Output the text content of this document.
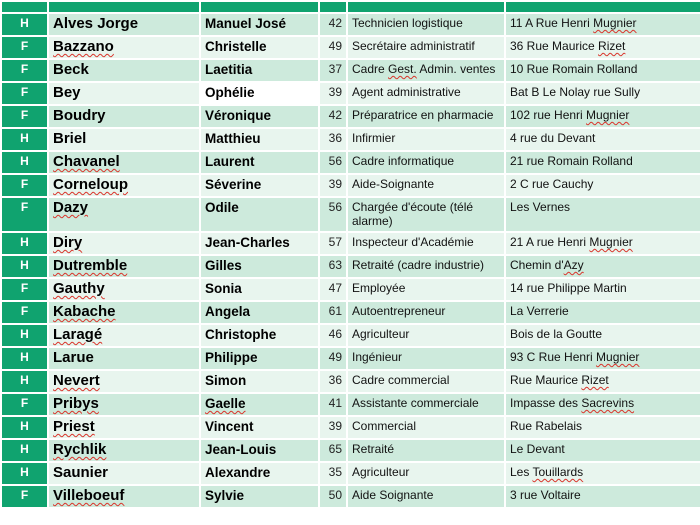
H	Alves Jorge	Manuel José	42	Technicien logistique	11 A Rue Henri Mugnier
F	Bazzano	Christelle	49	Secrétaire administratif	36 Rue Maurice Rizet
F	Beck	Laetitia	37	Cadre Gest. Admin. ventes	10 Rue Romain Rolland
F	Bey	Ophélie	39	Agent administrative	Bat B Le Nolay rue Sully
F	Boudry	Véronique	42	Préparatrice en pharmacie	102 rue Henri Mugnier
H	Briel	Matthieu	36	Infirmier	4 rue du Devant
H	Chavanel	Laurent	56	Cadre informatique	21 rue Romain Rolland
F	Corneloup	Séverine	39	Aide-Soignante	2 C rue Cauchy
F	Dazy	Odile	56	Chargée d'écoute (télé alarme)	Les Vernes
H	Diry	Jean-Charles	57	Inspecteur d'Académie	21 A rue Henri Mugnier
H	Dutremble	Gilles	63	Retraité (cadre industrie)	Chemin d'Azy
F	Gauthy	Sonia	47	Employée	14 rue Philippe Martin
F	Kabache	Angela	61	Autoentrepreneur	La Verrerie
H	Laragé	Christophe	46	Agriculteur	Bois de la Goutte
H	Larue	Philippe	49	Ingénieur	93 C Rue Henri Mugnier
H	Nevert	Simon	36	Cadre commercial	Rue Maurice Rizet
F	Pribys	Gaelle	41	Assistante commerciale	Impasse des Sacrevins
H	Priest	Vincent	39	Commercial	Rue Rabelais
H	Rychlik	Jean-Louis	65	Retraité	Le Devant
H	Saunier	Alexandre	35	Agriculteur	Les Touillards
F	Villeboeuf	Sylvie	50	Aide Soignante	3 rue Voltaire
